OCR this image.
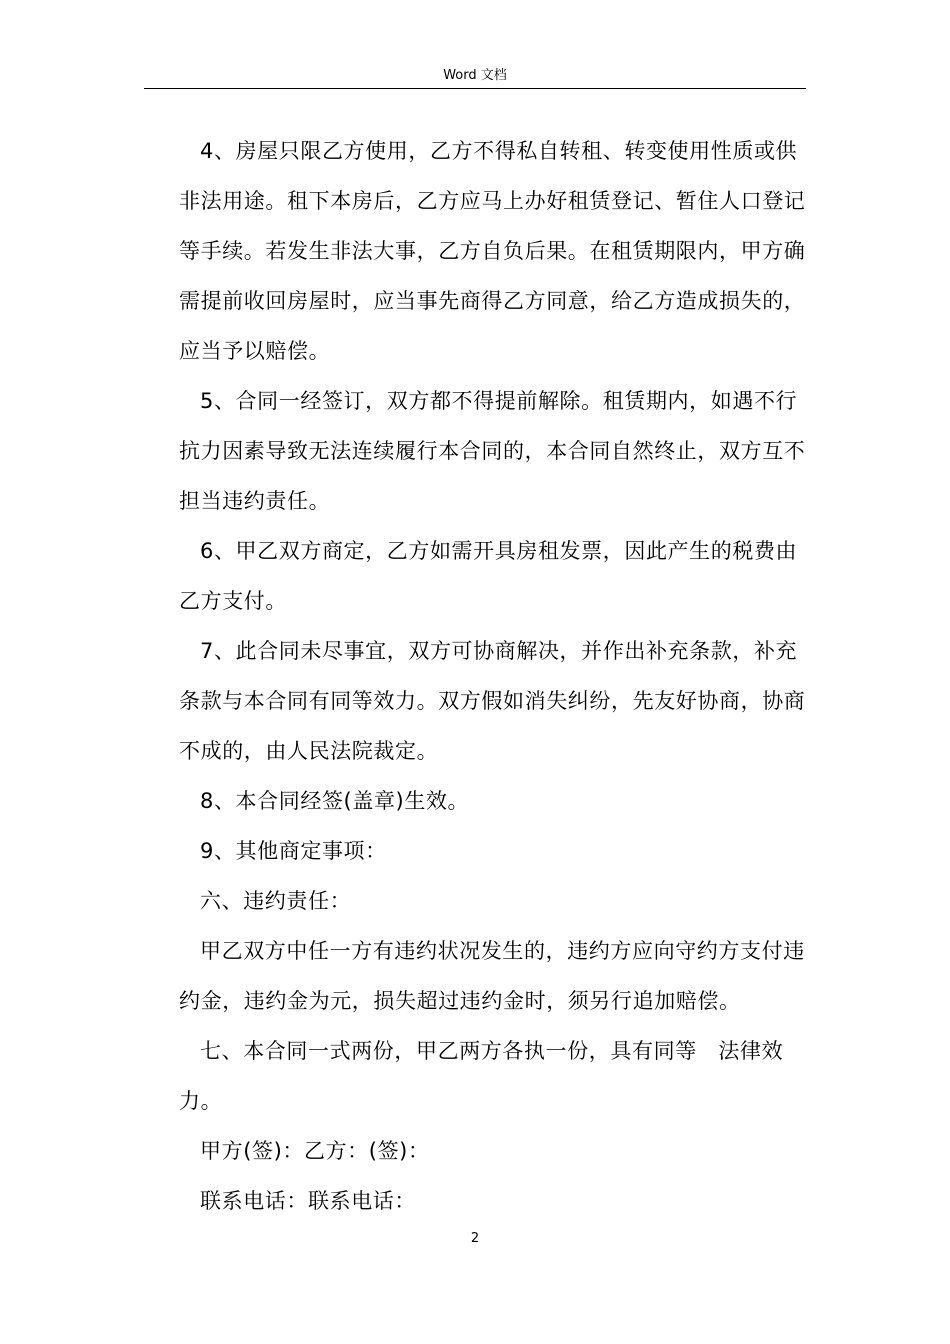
Word 文档

4、房屋只限乙方使用，乙方不得私自转租、转变使用性质或供非法用途。租下本房后，乙方应马上办好租赁登记、暂住人口登记等手续。若发生非法大事，乙方自负后果。在租赁期限内，甲方确需提前收回房屋时，应当事先商得乙方同意，给乙方造成损失的，应当予以赔偿。

5、合同一经签订，双方都不得提前解除。租赁期内，如遇不行抗力因素导致无法连续履行本合同的，本合同自然终止，双方互不担当违约责任。

6、甲乙双方商定，乙方如需开具房租发票，因此产生的税费由乙方支付。

7、此合同未尽事宜，双方可协商解决，并作出补充条款，补充条款与本合同有同等效力。双方假如消失纠纷，先友好协商，协商不成的，由人民法院裁定。

8、本合同经签(盖章)生效。

9、其他商定事项：

六、违约责任：

甲乙双方中任一方有违约状况发生的，违约方应向守约方支付违约金，违约金为元，损失超过违约金时，须另行追加赔偿。

七、本合同一式两份，甲乙两方各执一份，具有同等　法律效力。

甲方(签)：乙方：(签)：

联系电话：联系电话：

2
